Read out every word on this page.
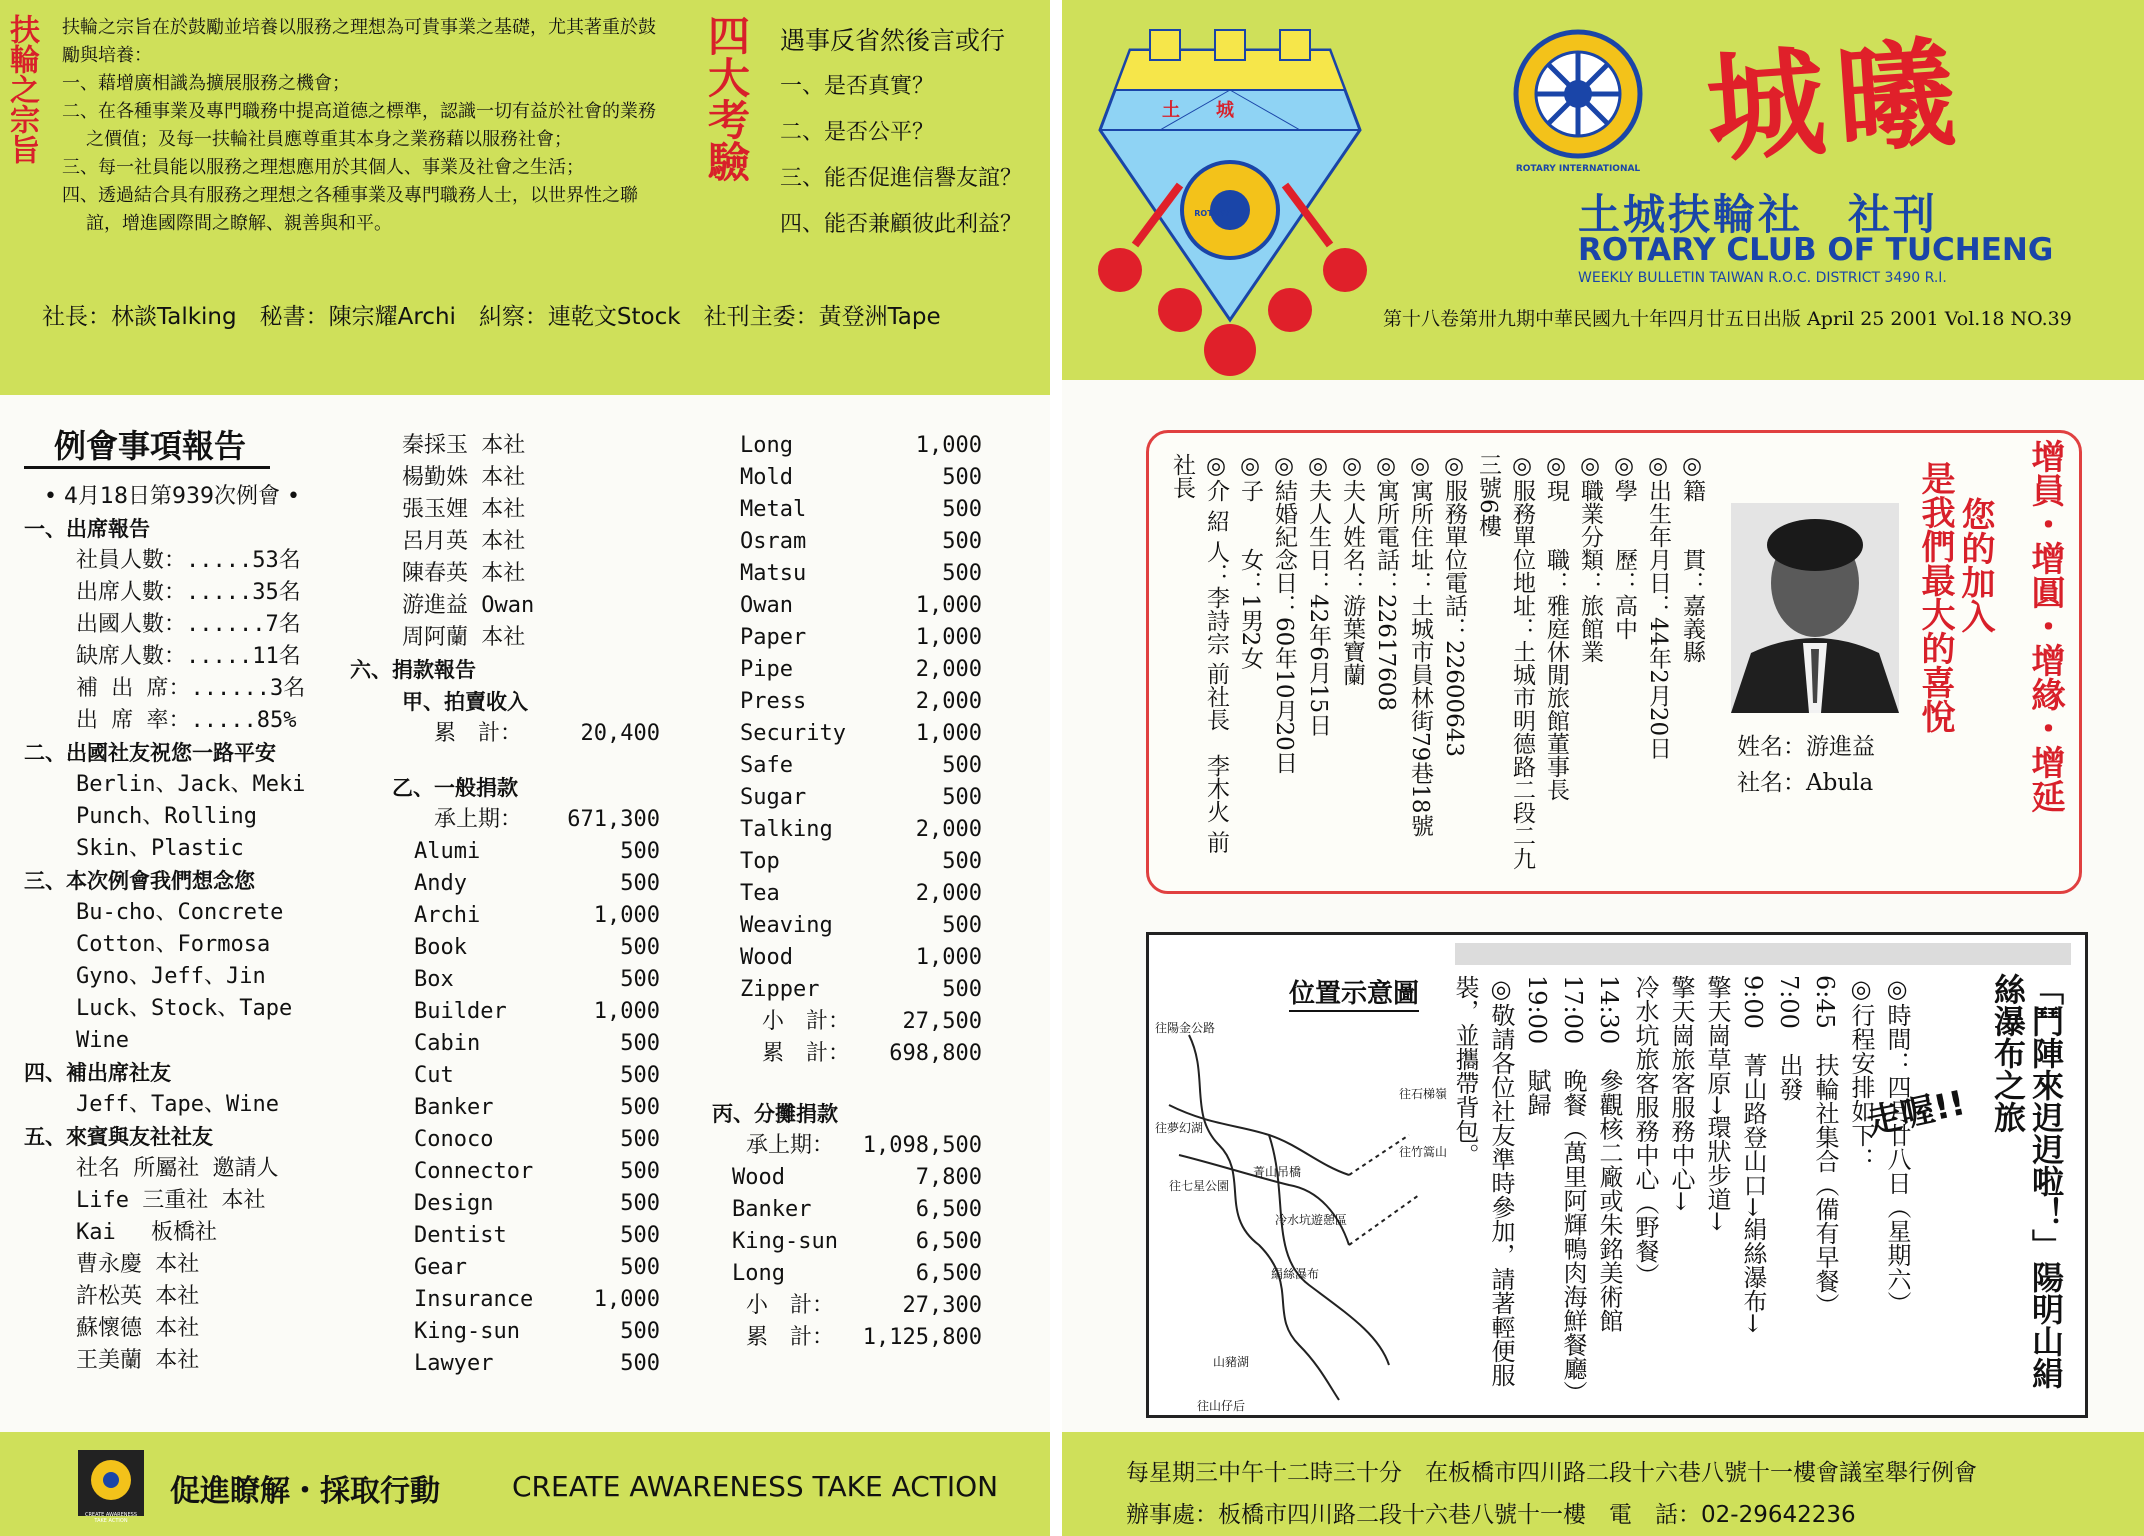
扶輪之宗旨 扶輪之宗旨在於鼓勵並培養以服務之理想為可貴事業之基礎，尤其著重於鼓勵與培養：

一、藉增廣相識為擴展服務之機會；

二、在各種事業及專門職務中提高道德之標準，認識一切有益於社會的業務之價值；及每一扶輪社員應尊重其本身之業務藉以服務社會；

三、每一社員能以服務之理想應用於其個人、事業及社會之生活；

四、透過結合具有服務之理想之各種事業及專門職務人士，以世界性之聯誼，增進國際間之瞭解、親善與和平。

四大考驗 遇事反省然後言或行
一、是否真實？
二、是否公平？
三、能否促進信譽友誼？
四、能否兼顧彼此利益？
社長：林談Talking　秘書：陳宗耀Archi　糾察：連乾文Stock　社刊主委：黃登洲Tape
土　　城
ROTARY
ROTARY INTERNATIONAL 城曦
土城扶輪社　社刊
ROTARY CLUB OF TUCHENG
WEEKLY BULLETIN TAIWAN R.O.C. DISTRICT 3490 R.I.
第十八卷第卅九期中華民國九十年四月廿五日出版 April 25 2001 Vol.18 NO.39
例會事項報告
• 4月18日第939次例會 •
一、出席報告
社員人數：.....53名
出席人數：.....35名
出國人數：......7名
缺席人數：.....11名
補 出 席：......3名
出 席 率：.....85%
二、出國社友祝您一路平安
Berlin、Jack、Meki
Punch、Rolling
Skin、Plastic
三、本次例會我們想念您
Bu-cho、Concrete
Cotton、Formosa
Gyno、Jeff、Jin
Luck、Stock、Tape
Wine
四、補出席社友
Jeff、Tape、Wine
五、來賓與友社社友
社名 所屬社 邀請人
Life 三重社 本社
Kai　 板橋社
曹永慶 本社
許松英 本社
蘇懷德 本社
王美蘭 本社
秦採玉 本社
楊勤姝 本社
張玉娌 本社
呂月英 本社
陳春英 本社
游進益 Owan
周阿蘭 本社
六、捐款報告
甲、拍賣收入
累　計：	20,400
乙、一般捐款
承上期： 671,300
Alumi	500
Andy	500
Archi	1,000
Book	500
Box	500
Builder	1,000
Cabin	500
Cut	500
Banker	500
Conoco	500
Connector	500
Design	500
Dentist	500
Gear	500
Insurance	1,000
King-sun	500
Lawyer	500
Long	1,000
Mold	500
Metal	500
Osram	500
Matsu	500
Owan	1,000
Paper	1,000
Pipe	2,000
Press	2,000
Security	1,000
Safe	500
Sugar	500
Talking	2,000
Top	500
Tea	2,000
Weaving	500
Wood	1,000
Zipper	500
小　計： 27,500
累　計： 698,800
丙、分攤捐款
承上期： 1,098,500
Wood	7,800
Banker	6,500
King-sun	6,500
Long	6,500
小　計：	27,300
累　計： 1,125,800
增員・增圓・增緣・增延
您的加入
是我們最大的喜悅
姓名：游進益
社名：Abula
◎籍　　貫：嘉義縣
◎出生年月日：44年2月20日
◎學　　歷：高中
◎職業分類：旅館業
◎現　　職：雅庭休閒旅館董事長
◎服務單位地址：土城市明德路二段二九三號6樓
◎服務單位電話：22600643
◎寓所住址：土城市員林街79巷18號
◎寓所電話：22617608
◎夫人姓名：游葉寶蘭
◎夫人生日：42年6月15日
◎結婚紀念日：60年10月20日
◎子　　女：1男2女
◎介 紹 人：李詩宗 前社長　李木火 前社長
「鬥陣來迌迌啦！」陽明山絹絲瀑布之旅
走喔!!
◎時間：四月廿八日（星期六）
◎行程安排如下：
6:45　扶輪社集合（備有早餐）
7:00　出發
9:00　菁山路登山口→絹絲瀑布→
擎天崗草原→環狀步道→
擎天崗旅客服務中心→
冷水坑旅客服務中心（野餐）
14:30　參觀核二廠或朱銘美術館
17:00　晚餐（萬里阿輝鴨肉海鮮餐廳）
19:00　賦歸
◎敬請各位社友準時參加，請著輕便服裝，並攜帶背包。
位置示意圖
往陽金公路
往夢幻湖
往七星公園
菁山吊橋
冷水坑遊憩區
絹絲瀑布
往石梯嶺
往竹篙山
山豬湖
往山仔后
CREATE AWARENESS TAKE ACTION
促進瞭解・採取行動	CREATE AWARENESS TAKE ACTION	每星期三中午十二時三十分　在板橋市四川路二段十六巷八號十一樓會議室舉行例會
辦事處：板橋市四川路二段十六巷八號十一樓　電　話：02-29642236
